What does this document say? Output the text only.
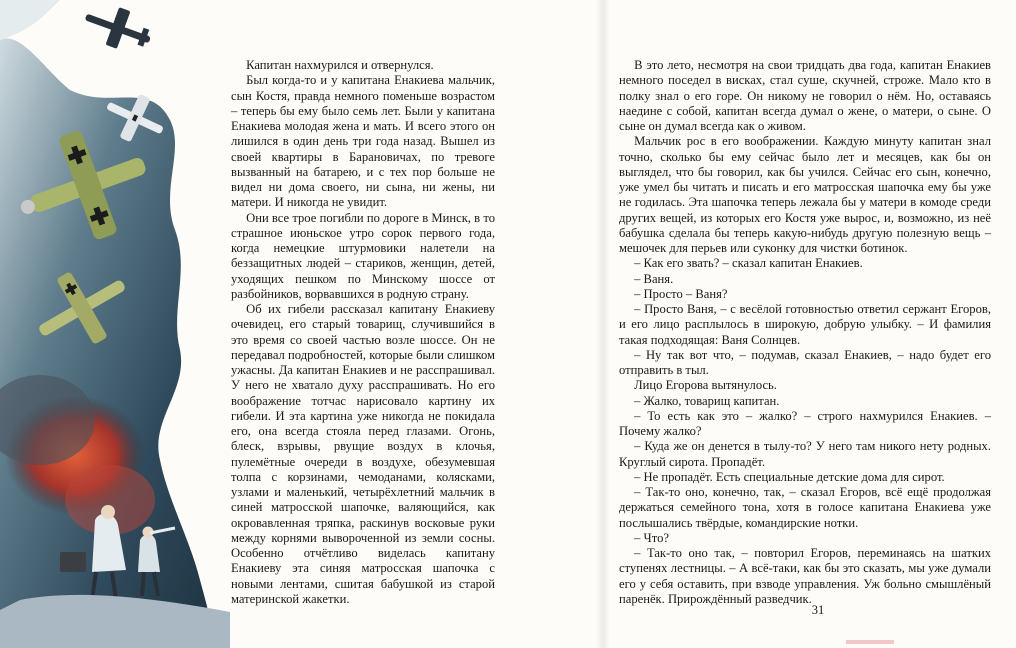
Капитан нахмурился и отвернулся.

Был когда-то и у капитана Енакиева мальчик, сын Костя, правда немного поменьше возрастом – теперь бы ему было семь лет. Были у капитана Енакиева молодая жена и мать. И всего этого он лишился в один день три года назад. Вышел из своей квартиры в Барановичах, по тревоге вызванный на батарею, и с тех пор больше не видел ни дома своего, ни сына, ни жены, ни матери. И никогда не увидит.

Они все трое погибли по дороге в Минск, в то страшное июньское утро сорок первого года, когда немецкие штурмовики налетели на беззащитных людей – стариков, женщин, детей, уходящих пешком по Минскому шоссе от разбойников, ворвавшихся в родную страну.

Об их гибели рассказал капитану Енакиеву очевидец, его старый товарищ, случившийся в это время со своей частью возле шоссе. Он не передавал подробностей, которые были слишком ужасны. Да капитан Енакиев и не расспрашивал. У него не хватало духу расспрашивать. Но его воображение тотчас нарисовало картину их гибели. И эта картина уже никогда не покидала его, она всегда стояла перед глазами. Огонь, блеск, взрывы, рвущие воздух в клочья, пулемётные очереди в воздухе, обезумевшая толпа с корзинами, чемоданами, колясками, узлами и маленький, четырёхлетний мальчик в синей матросской шапочке, валяющийся, как окровавленная тряпка, раскинув восковые руки между корнями вывороченной из земли сосны. Особенно отчётливо виделась капитану Енакиеву эта синяя матросская шапочка с новыми лентами, сшитая бабушкой из старой материнской жакетки.

В это лето, несмотря на свои тридцать два года, капитан Енакиев немного поседел в висках, стал суше, скучней, строже. Мало кто в полку знал о его горе. Он никому не говорил о нём. Но, оставаясь наедине с собой, капитан всегда думал о жене, о матери, о сыне. О сыне он думал всегда как о живом.

Мальчик рос в его воображении. Каждую минуту капитан знал точно, сколько бы ему сейчас было лет и месяцев, как бы он выглядел, что бы говорил, как бы учился. Сейчас его сын, конечно, уже умел бы читать и писать и его матросская шапочка ему бы уже не годилась. Эта шапочка теперь лежала бы у матери в комоде среди других вещей, из которых его Костя уже вырос, и, возможно, из неё бабушка сделала бы теперь какую-нибудь другую полезную вещь – мешочек для перьев или суконку для чистки ботинок.

– Как его звать? – сказал капитан Енакиев.

– Ваня.

– Просто – Ваня?

– Просто Ваня, – с весёлой готовностью ответил сержант Егоров, и его лицо расплылось в широкую, добрую улыбку. – И фамилия такая подходящая: Ваня Солнцев.

– Ну так вот что, – подумав, сказал Енакиев, – надо будет его отправить в тыл.

Лицо Егорова вытянулось.

– Жалко, товарищ капитан.

– То есть как это – жалко? – строго нахмурился Енакиев. – Почему жалко?

– Куда же он денется в тылу-то? У него там никого нету родных. Круглый сирота. Пропадёт.

– Не пропадёт. Есть специальные детские дома для сирот.

– Так-то оно, конечно, так, – сказал Егоров, всё ещё продолжая держаться семейного тона, хотя в голосе капитана Енакиева уже послышались твёрдые, командирские нотки.

– Что?

– Так-то оно так, – повторил Егоров, переминаясь на шатких ступенях лестницы. – А всё-таки, как бы это сказать, мы уже думали его у себя оставить, при взводе управления. Уж больно смышлёный паренёк. Прирождённый разведчик.

31
